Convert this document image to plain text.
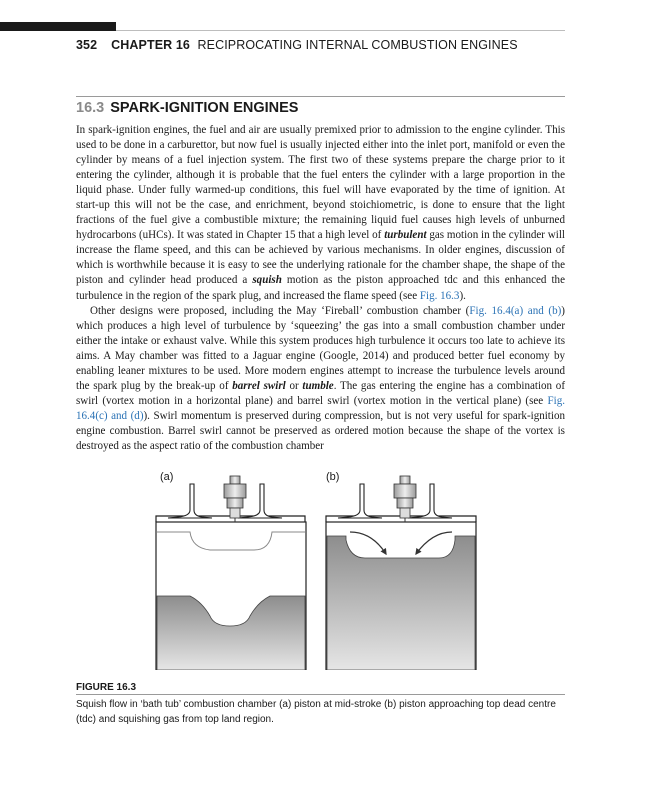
352 CHAPTER 16 RECIPROCATING INTERNAL COMBUSTION ENGINES
16.3 SPARK-IGNITION ENGINES

In spark-ignition engines, the fuel and air are usually premixed prior to admission to the engine cylinder. This used to be done in a carburettor, but now fuel is usually injected either into the inlet port, manifold or even the cylinder by means of a fuel injection system. The first two of these systems prepare the charge prior to it entering the cylinder, although it is probable that the fuel enters the cylinder with a large proportion in the liquid phase. Under fully warmed-up conditions, this fuel will have evaporated by the time of ignition. At start-up this will not be the case, and enrichment, beyond stoichiometric, is done to ensure that the light fractions of the fuel give a combustible mixture; the remaining liquid fuel causes high levels of unburned hydrocarbons (uHCs). It was stated in Chapter 15 that a high level of turbulent gas motion in the cylinder will increase the flame speed, and this can be achieved by various mechanisms. In older engines, discussion of which is worthwhile because it is easy to see the underlying rationale for the chamber shape, the shape of the piston and cylinder head produced a squish motion as the piston approached tdc and this enhanced the turbulence in the region of the spark plug, and increased the flame speed (see Fig. 16.3).

Other designs were proposed, including the May ‘Fireball’ combustion chamber (Fig. 16.4(a) and (b)) which produces a high level of turbulence by ‘squeezing’ the gas into a small combustion chamber under either the intake or exhaust valve. While this system produces high turbulence it occurs too late to achieve its aims. A May chamber was fitted to a Jaguar engine (Google, 2014) and produced better fuel economy by enabling leaner mixtures to be used. More modern engines attempt to increase the turbulence levels around the spark plug by the break-up of barrel swirl or tumble. The gas entering the engine has a combination of swirl (vortex motion in a horizontal plane) and barrel swirl (vortex motion in the vertical plane) (see Fig. 16.4(c) and (d)). Swirl momentum is preserved during compression, but is not very useful for spark-ignition engine combustion. Barrel swirl cannot be preserved as ordered motion because the shape of the vortex is destroyed as the aspect ratio of the combustion chamber

(a)	(b)
FIGURE 16.3
Squish flow in ‘bath tub’ combustion chamber (a) piston at mid-stroke (b) piston approaching top dead centre (tdc) and squishing gas from top land region.
